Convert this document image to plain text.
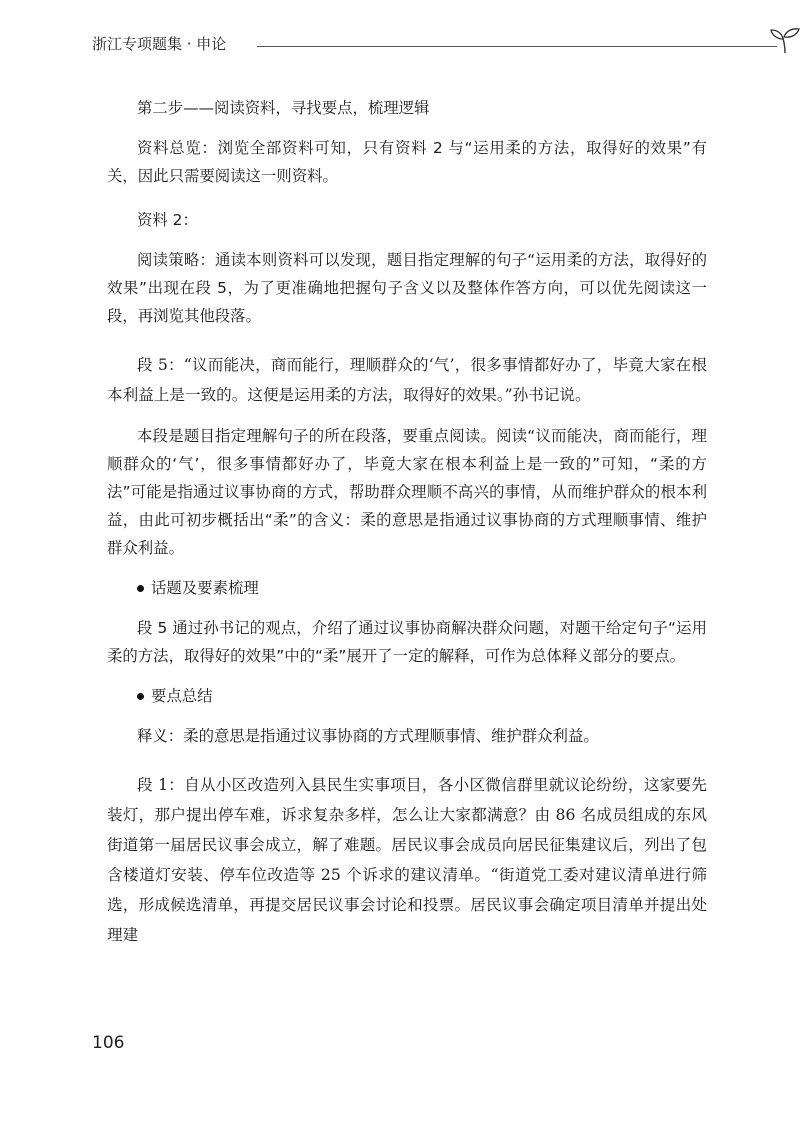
浙江专项题集 · 申论

第二步——阅读资料，寻找要点，梳理逻辑

资料总览：浏览全部资料可知，只有资料 2 与“运用柔的方法，取得好的效果”有关，因此只需要阅读这一则资料。

资料 2：

阅读策略：通读本则资料可以发现，题目指定理解的句子“运用柔的方法，取得好的效果”出现在段 5，为了更准确地把握句子含义以及整体作答方向，可以优先阅读这一段，再浏览其他段落。

段 5：“议而能决，商而能行，理顺群众的‘气’，很多事情都好办了，毕竟大家在根本利益上是一致的。这便是运用柔的方法，取得好的效果。”孙书记说。

本段是题目指定理解句子的所在段落，要重点阅读。阅读“议而能决，商而能行，理顺群众的‘气’，很多事情都好办了，毕竟大家在根本利益上是一致的”可知，“柔的方法”可能是指通过议事协商的方式，帮助群众理顺不高兴的事情，从而维护群众的根本利益，由此可初步概括出“柔”的含义：柔的意思是指通过议事协商的方式理顺事情、维护群众利益。

话题及要素梳理

段 5 通过孙书记的观点，介绍了通过议事协商解决群众问题，对题干给定句子“运用柔的方法，取得好的效果”中的“柔”展开了一定的解释，可作为总体释义部分的要点。

要点总结

释义：柔的意思是指通过议事协商的方式理顺事情、维护群众利益。

段 1：自从小区改造列入县民生实事项目，各小区微信群里就议论纷纷，这家要先装灯，那户提出停车难，诉求复杂多样，怎么让大家都满意？由 86 名成员组成的东风街道第一届居民议事会成立，解了难题。居民议事会成员向居民征集建议后，列出了包含楼道灯安装、停车位改造等 25 个诉求的建议清单。“街道党工委对建议清单进行筛选，形成候选清单，再提交居民议事会讨论和投票。居民议事会确定项目清单并提出处理建

106
